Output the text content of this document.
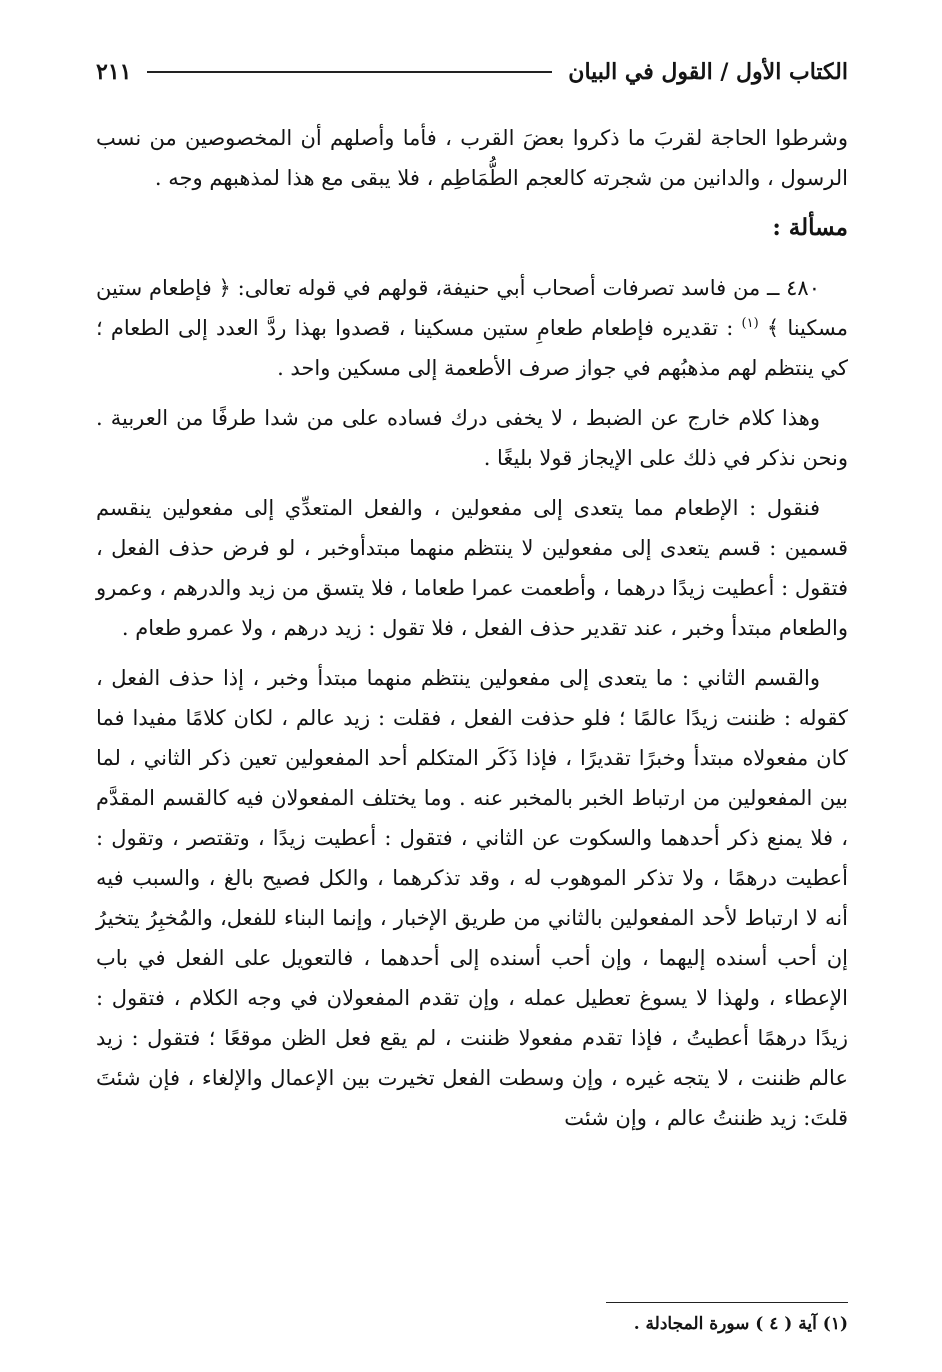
الكتاب الأول / القول في البيان
٢١١

وشرطوا الحاجة لقربَ ما ذكروا بعضَ القرب ، فأما وأصلهم أن المخصوصين من نسب الرسول ، والدانين من شجرته كالعجم الطُّمَاطِم ، فلا يبقى مع هذا لمذهبهم وجه .

مسألة :

٤٨٠ ــ من فاسد تصرفات أصحاب أبي حنيفة، قولهم في قوله تعالى: ﴿ فإطعام ستين مسكينا ﴾ $^{(١)}$ : تقديره فإطعام طعامِ ستين مسكينا ، قصدوا بهذا ردَّ العدد إلى الطعام ؛ كي ينتظم لهم مذهبُهم في جواز صرف الأطعمة إلى مسكين واحد .

وهذا كلام خارج عن الضبط ، لا يخفى درك فساده على من شدا طرفًا من العربية . ونحن نذكر في ذلك على الإيجاز قولا بليغًا .

فنقول : الإطعام مما يتعدى إلى مفعولين ، والفعل المتعدِّي إلى مفعولين ينقسم قسمين : قسم يتعدى إلى مفعولين لا ينتظم منهما مبتدأوخبر ، لو فرض حذف الفعل ، فتقول : أعطيت زيدًا درهما ، وأطعمت عمرا طعاما ، فلا يتسق من زيد والدرهم ، وعمرو والطعام مبتدأ وخبر ، عند تقدير حذف الفعل ، فلا تقول : زيد درهم ، ولا عمرو طعام .

والقسم الثاني : ما يتعدى إلى مفعولين ينتظم منهما مبتدأ وخبر ، إذا حذف الفعل ، كقوله : ظننت زيدًا عالمًا ؛ فلو حذفت الفعل ، فقلت : زيد عالم ، لكان كلامًا مفيدا فما كان مفعولاه مبتدأ وخبرًا تقديرًا ، فإذا ذَكَر المتكلم أحد المفعولين تعين ذكر الثاني ، لما بين المفعولين من ارتباط الخبر بالمخبر عنه . وما يختلف المفعولان فيه كالقسم المقدَّم ، فلا يمنع ذكر أحدهما والسكوت عن الثاني ، فتقول : أعطيت زيدًا ، وتقتصر ، وتقول : أعطيت درهمًا ، ولا تذكر الموهوب له ، وقد تذكرهما ، والكل فصيح بالغ ، والسبب فيه أنه لا ارتباط لأحد المفعولين بالثاني من طريق الإخبار ، وإنما البناء للفعل، والمُخبِرُ يتخيرُ إن أحب أسنده إليهما ، وإن أحب أسنده إلى أحدهما ، فالتعويل على الفعل في باب الإعطاء ، ولهذا لا يسوغ تعطيل عمله ، وإن تقدم المفعولان في وجه الكلام ، فتقول : زيدًا درهمًا أعطيتُ ، فإذا تقدم مفعولا ظننت ، لم يقع فعل الظن موقعًا ؛ فتقول : زيد عالم ظننت ، لا يتجه غيره ، وإن وسطت الفعل تخيرت بين الإعمال والإلغاء ، فإن شئتَ قلتَ: زيد ظننتُ عالم ، وإن شئت

(١) آية ( ٤ ) سورة المجادلة .
